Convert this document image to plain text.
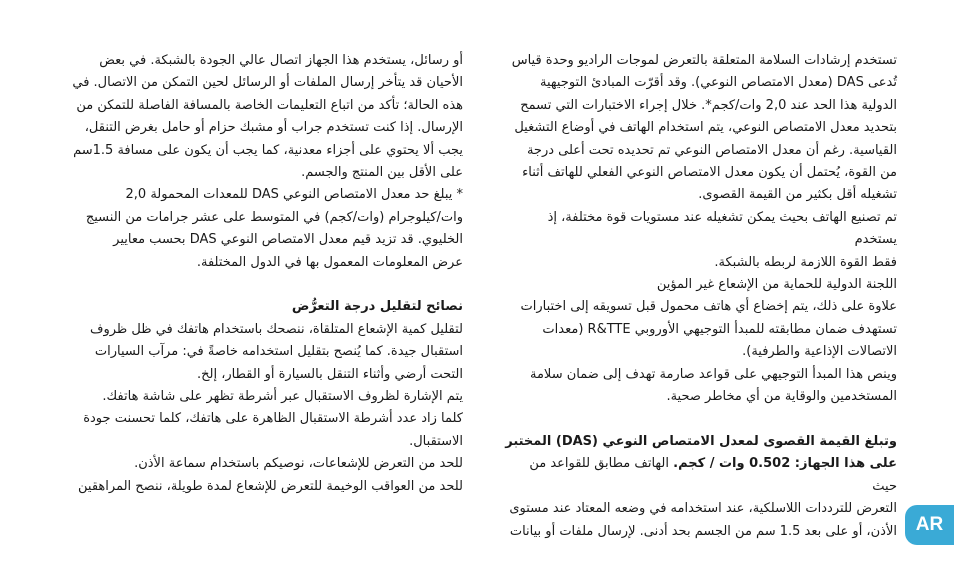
تستخدم إرشادات السلامة المتعلقة بالتعرض لموجات الراديو وحدة قياس

تُدعى DAS (معدل الامتصاص النوعي). وقد أقرّت المبادئ التوجيهية

الدولية هذا الحد عند 2,0 وات/كجم*. خلال إجراء الاختبارات التي تسمح

بتحديد معدل الامتصاص النوعي، يتم استخدام الهاتف في أوضاع التشغيل

القياسية. رغم أن معدل الامتصاص النوعي تم تحديده تحت أعلى درجة

من القوة، يُحتمل أن يكون معدل الامتصاص النوعي الفعلي للهاتف أثناء

تشغيله أقل بكثير من القيمة القصوى.

تم تصنيع الهاتف بحيث يمكن تشغيله عند مستويات قوة مختلفة، إذ يستخدم

فقط القوة اللازمة لربطه بالشبكة.

اللجنة الدولية للحماية من الإشعاع غير المؤين

علاوة على ذلك، يتم إخضاع أي هاتف محمول قبل تسويقه إلى اختبارات

تستهدف ضمان مطابقته للمبدأ التوجيهي الأوروبي R&TTE (معدات

الاتصالات الإذاعية والطرفية).

وينص هذا المبدأ التوجيهي على قواعد صارمة تهدف إلى ضمان سلامة

المستخدمين والوقاية من أي مخاطر صحية.

وتبلغ القيمة القصوى لمعدل الامتصاص النوعي (DAS) المختبر

على هذا الجهاز: 0.502 وات / كجم. الهاتف مطابق للقواعد من حيث

التعرض للترددات اللاسلكية، عند استخدامه في وضعه المعتاد عند مستوى

الأذن، أو على بعد 1.5 سم من الجسم بحد أدنى. لإرسال ملفات أو بيانات

أو رسائل، يستخدم هذا الجهاز اتصال عالي الجودة بالشبكة. في بعض

الأحيان قد يتأخر إرسال الملفات أو الرسائل لحين التمكن من الاتصال. في

هذه الحالة؛ تأكد من اتباع التعليمات الخاصة بالمسافة الفاصلة للتمكن من

الإرسال. إذا كنت تستخدم جراب أو مشبك حزام أو حامل بغرض التنقل،

يجب ألا يحتوي على أجزاء معدنية، كما يجب أن يكون على مسافة 1.5سم

على الأقل بين المنتج والجسم.

* يبلغ حد معدل الامتصاص النوعي DAS للمعدات المحمولة 2,0

وات/كيلوجرام (وات/كجم) في المتوسط على عشر جرامات من النسيج

الخليوي. قد تزيد قيم معدل الامتصاص النوعي DAS بحسب معايير

عرض المعلومات المعمول بها في الدول المختلفة.

نصائح لتقليل درجة التعرُّض

لتقليل كمية الإشعاع المتلقاة، ننصحك باستخدام هاتفك في ظل ظروف

استقبال جيدة. كما يُنصح بتقليل استخدامه خاصةً في: مرآب السيارات

التحت أرضي وأثناء التنقل بالسيارة أو القطار، إلخ.

يتم الإشارة لظروف الاستقبال عبر أشرطة تظهر على شاشة هاتفك.

كلما زاد عدد أشرطة الاستقبال الظاهرة على هاتفك، كلما تحسنت جودة

الاستقبال.

للحد من التعرض للإشعاعات، نوصيكم باستخدام سماعة الأذن.

للحد من العواقب الوخيمة للتعرض للإشعاع لمدة طويلة، ننصح المراهقين

AR
